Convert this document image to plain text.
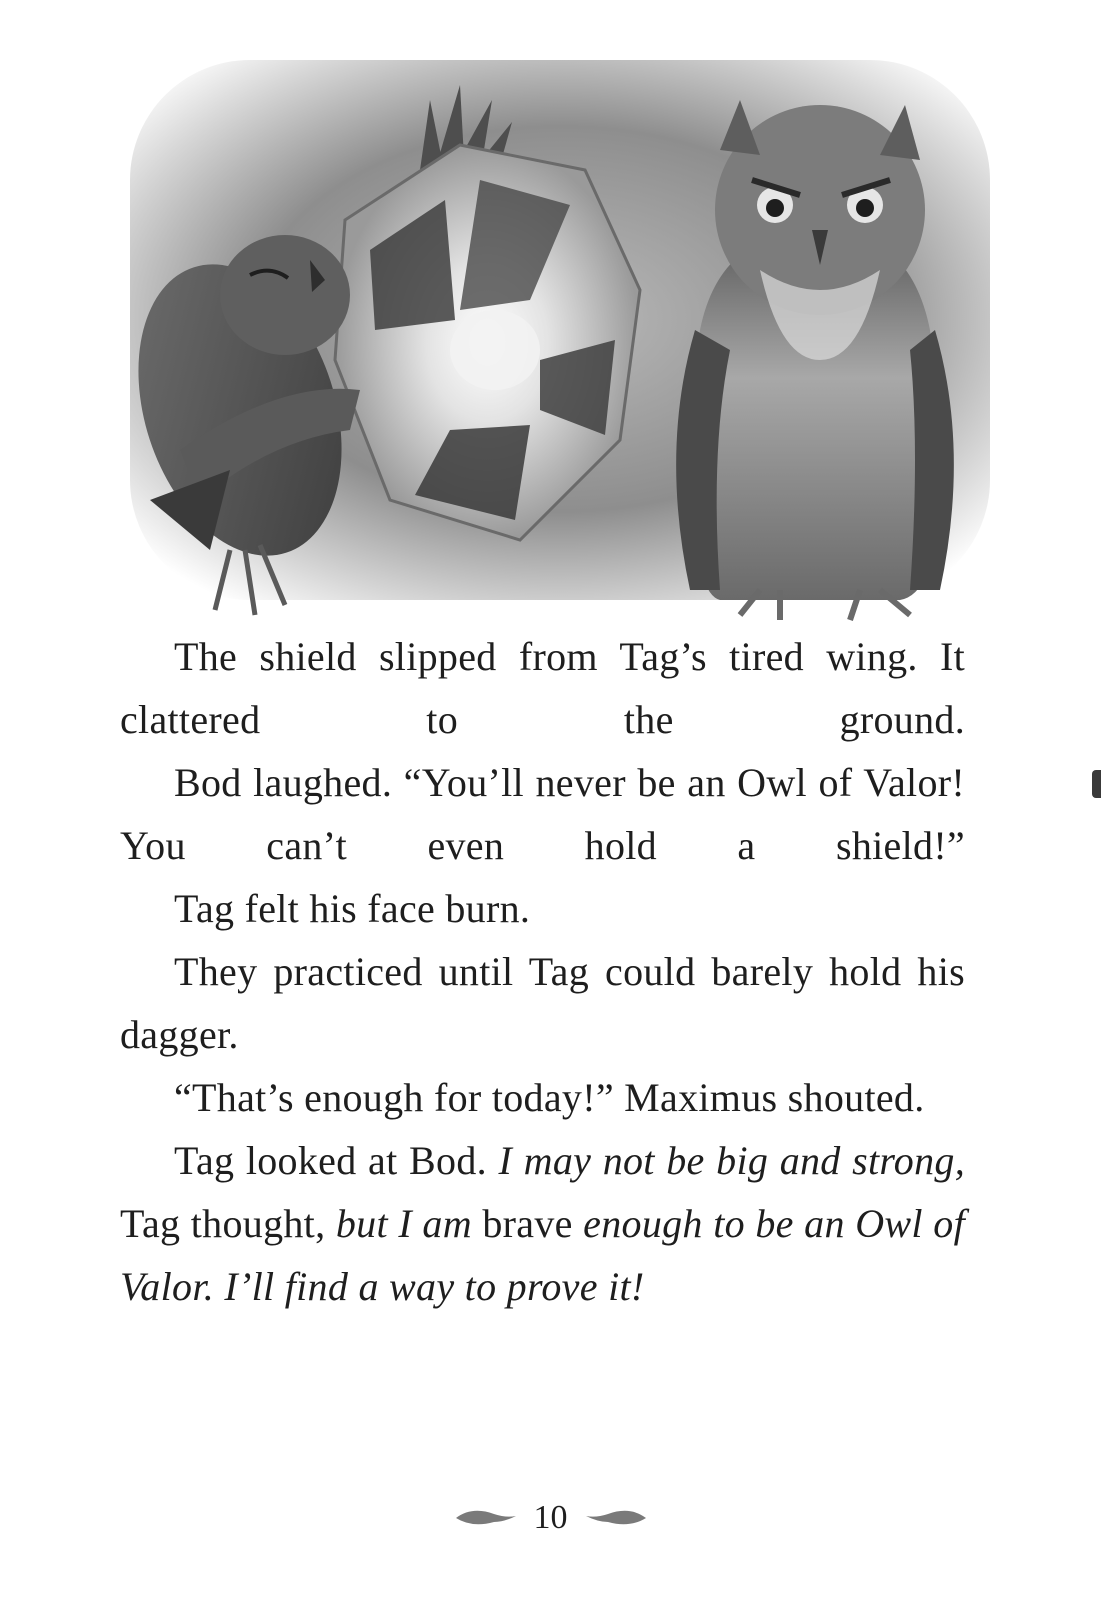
The shield slipped from Tag’s tired wing. It clattered to the ground.

Bod laughed. “You’ll never be an Owl of Valor! You can’t even hold a shield!”

Tag felt his face burn.

They practiced until Tag could barely hold his dagger.

“That’s enough for today!” Maximus shouted.

Tag looked at Bod. I may not be big and strong, Tag thought, but I am brave enough to be an Owl of Valor. I’ll find a way to prove it!

10
